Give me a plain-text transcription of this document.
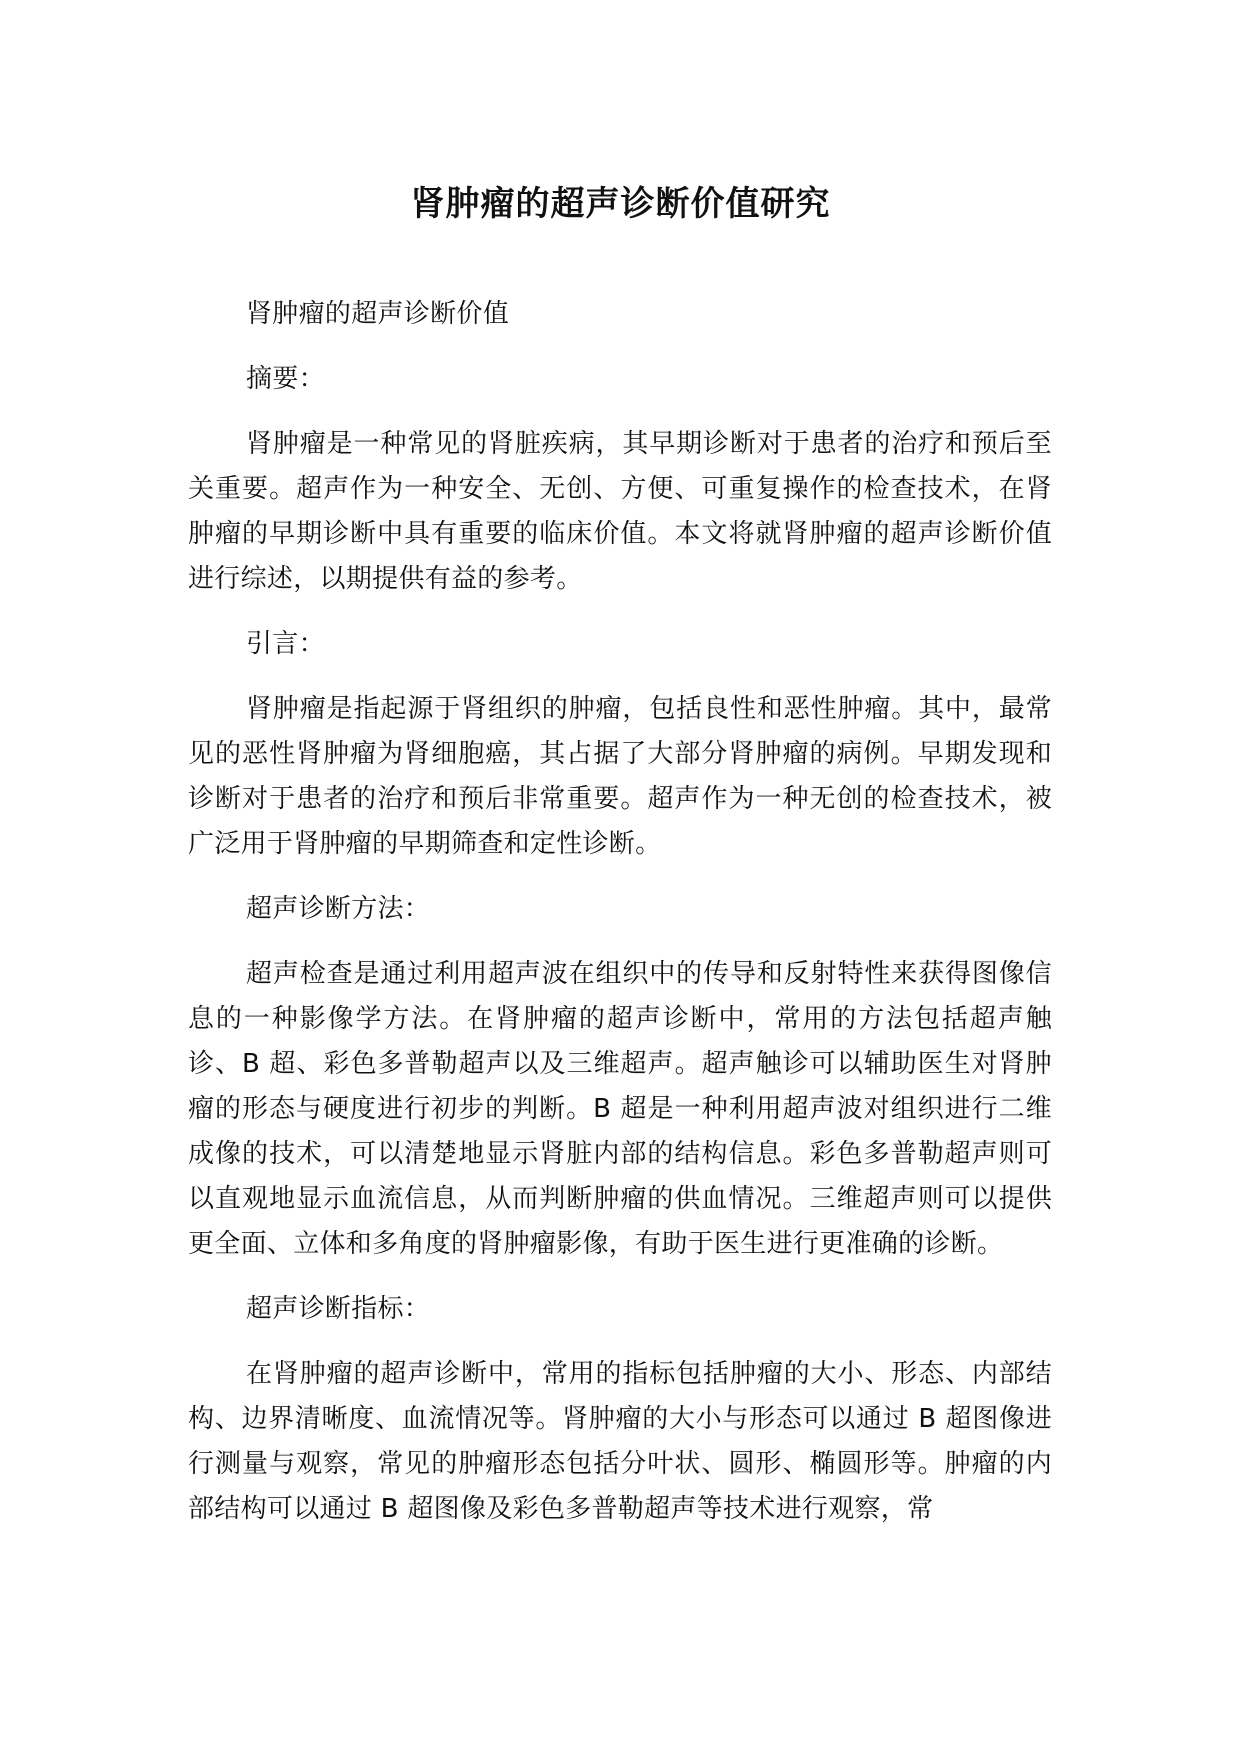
肾肿瘤的超声诊断价值研究

肾肿瘤的超声诊断价值

摘要：

肾肿瘤是一种常见的肾脏疾病，其早期诊断对于患者的治疗和预后至关重要。超声作为一种安全、无创、方便、可重复操作的检查技术，在肾肿瘤的早期诊断中具有重要的临床价值。本文将就肾肿瘤的超声诊断价值进行综述，以期提供有益的参考。

引言：

肾肿瘤是指起源于肾组织的肿瘤，包括良性和恶性肿瘤。其中，最常见的恶性肾肿瘤为肾细胞癌，其占据了大部分肾肿瘤的病例。早期发现和诊断对于患者的治疗和预后非常重要。超声作为一种无创的检查技术，被广泛用于肾肿瘤的早期筛查和定性诊断。

超声诊断方法：

超声检查是通过利用超声波在组织中的传导和反射特性来获得图像信息的一种影像学方法。在肾肿瘤的超声诊断中，常用的方法包括超声触诊、B 超、彩色多普勒超声以及三维超声。超声触诊可以辅助医生对肾肿瘤的形态与硬度进行初步的判断。B 超是一种利用超声波对组织进行二维成像的技术，可以清楚地显示肾脏内部的结构信息。彩色多普勒超声则可以直观地显示血流信息，从而判断肿瘤的供血情况。三维超声则可以提供更全面、立体和多角度的肾肿瘤影像，有助于医生进行更准确的诊断。

超声诊断指标：

在肾肿瘤的超声诊断中，常用的指标包括肿瘤的大小、形态、内部结构、边界清晰度、血流情况等。肾肿瘤的大小与形态可以通过 B 超图像进行测量与观察，常见的肿瘤形态包括分叶状、圆形、椭圆形等。肿瘤的内部结构可以通过 B 超图像及彩色多普勒超声等技术进行观察，常
